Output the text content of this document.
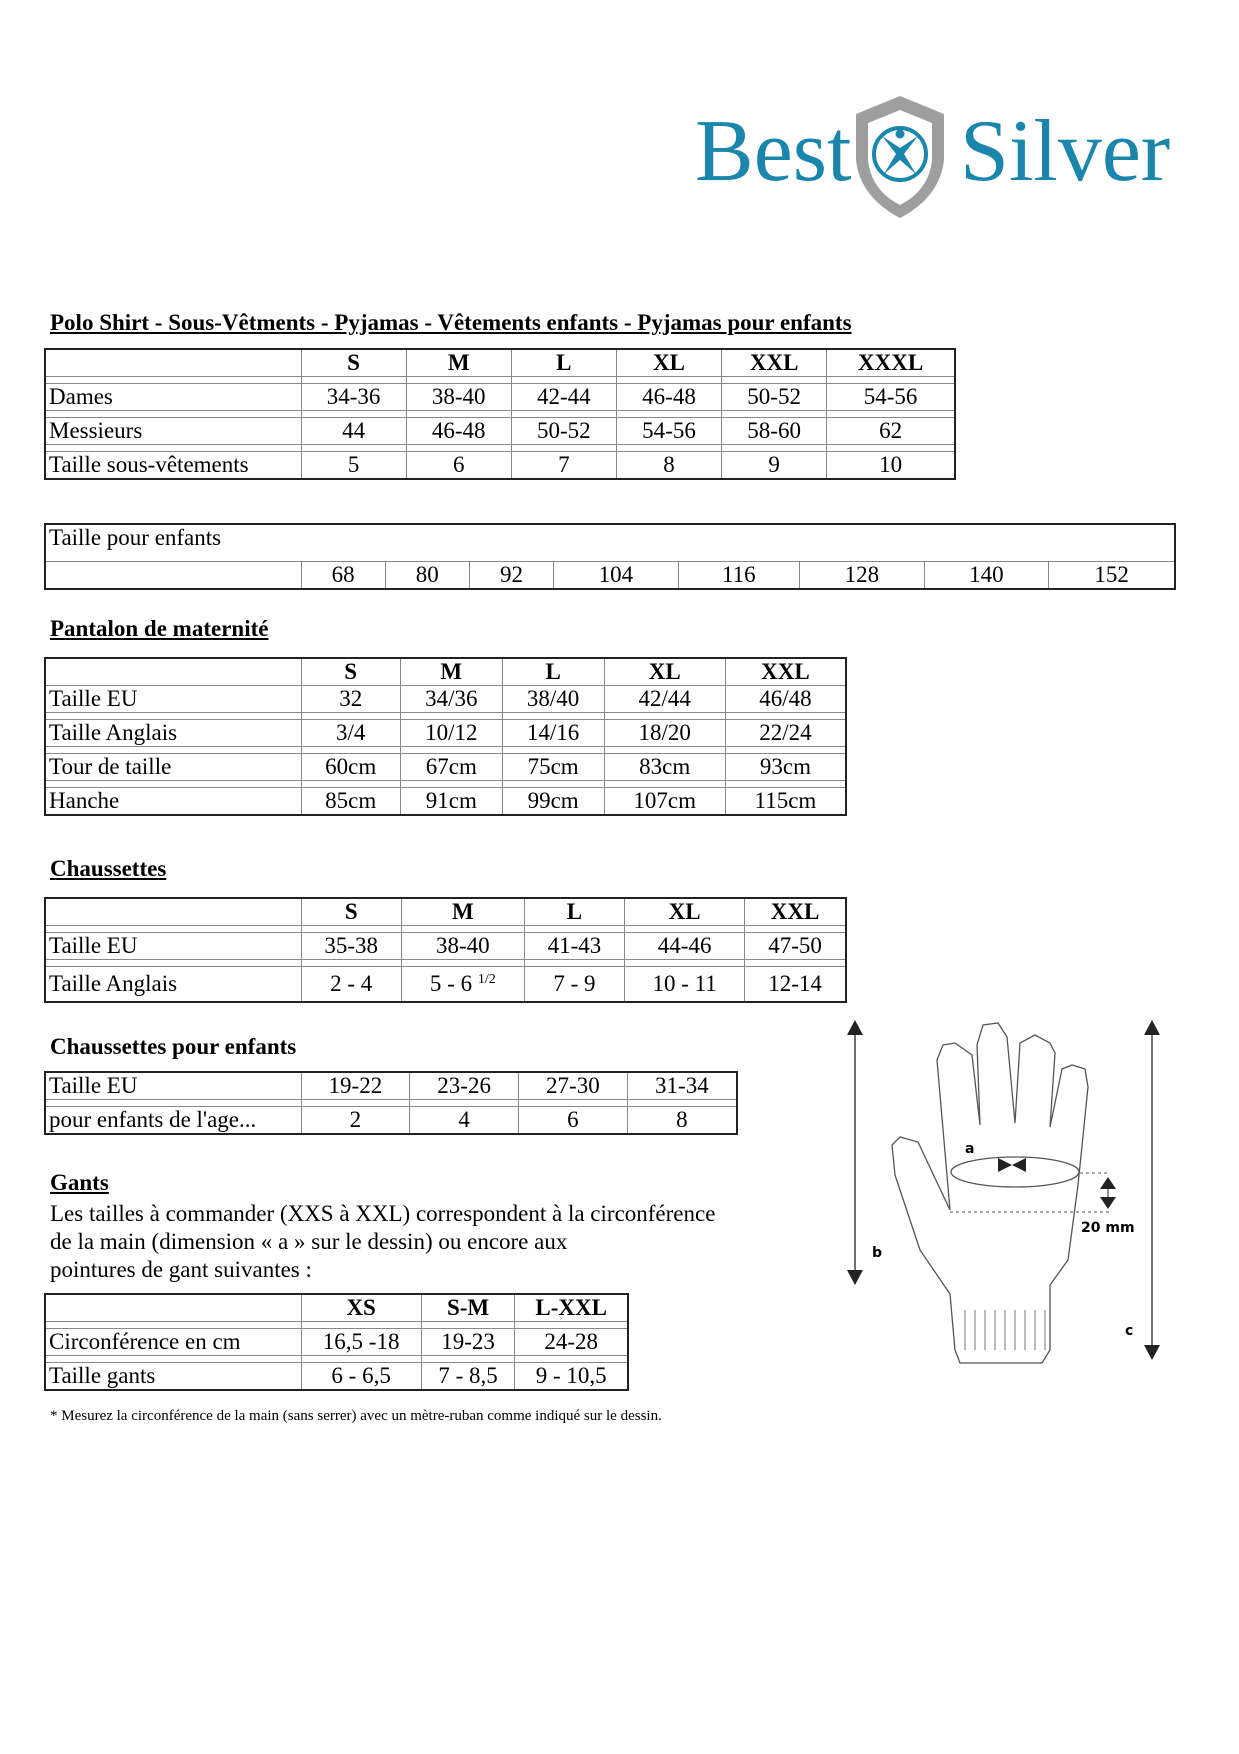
Best Silver
Polo Shirt - Sous-Vêtments - Pyjamas - Vêtements enfants - Pyjamas pour enfants
	S	M	L	XL	XXL	XXXL

Dames	34-36	38-40	42-44	46-48	50-52	54-56

Messieurs	44	46-48	50-52	54-56	58-60	62

Taille sous-vêtements	5	6	7	8	9	10
Taille pour enfants
	68	80	92	104	116	128	140	152
Pantalon de maternité
	S	M	L	XL	XXL
Taille EU	32	34/36	38/40	42/44	46/48

Taille Anglais	3/4	10/12	14/16	18/20	22/24

Tour de taille	60cm	67cm	75cm	83cm	93cm

Hanche	85cm	91cm	99cm	107cm	115cm
Chaussettes
	S	M	L	XL	XXL

Taille EU	35-38	38-40	41-43	44-46	47-50

Taille Anglais	2 - 4	5 - 6 $^{1/2}$	7 - 9	10 - 11	12-14
Chaussettes pour enfants
Taille EU	19-22	23-26	27-30	31-34

pour enfants de l'age...	2	4	6	8
Gants
Les tailles à commander (XXS à XXL) correspondent à la circonférence
de la main (dimension « a » sur le dessin) ou encore aux
pointures de gant suivantes :
	XS	S-M	L-XXL

Circonférence en cm	16,5 -18	19-23	24-28

Taille gants	6 - 6,5	7 - 8,5	9 - 10,5
* Mesurez la circonférence de la main (sans serrer) avec un mètre-ruban comme indiqué sur le dessin.
a
b
c
20 mm
